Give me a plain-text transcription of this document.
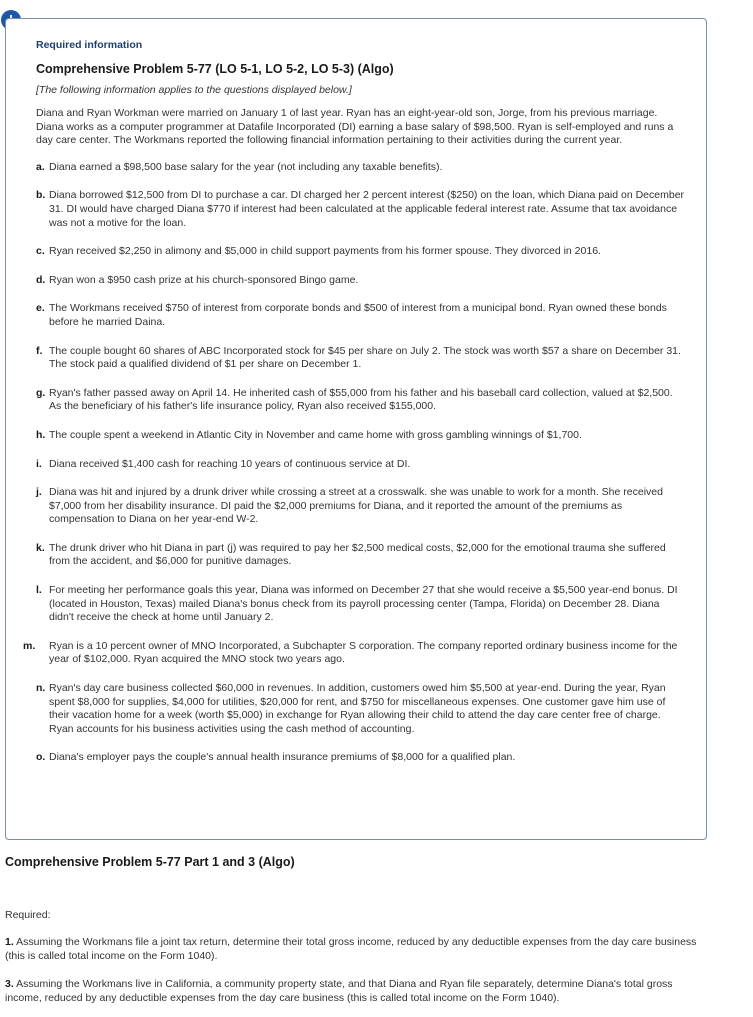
Required information

Comprehensive Problem 5-77 (LO 5-1, LO 5-2, LO 5-3) (Algo)

[The following information applies to the questions displayed below.]

Diana and Ryan Workman were married on January 1 of last year. Ryan has an eight-year-old son, Jorge, from his previous marriage. Diana works as a computer programmer at Datafile Incorporated (DI) earning a base salary of $98,500. Ryan is self-employed and runs a day care center. The Workmans reported the following financial information pertaining to their activities during the current year.

a. Diana earned a $98,500 base salary for the year (not including any taxable benefits).
b. Diana borrowed $12,500 from DI to purchase a car. DI charged her 2 percent interest ($250) on the loan, which Diana paid on December 31. DI would have charged Diana $770 if interest had been calculated at the applicable federal interest rate. Assume that tax avoidance was not a motive for the loan.
c. Ryan received $2,250 in alimony and $5,000 in child support payments from his former spouse. They divorced in 2016.
d. Ryan won a $950 cash prize at his church-sponsored Bingo game.
e. The Workmans received $750 of interest from corporate bonds and $500 of interest from a municipal bond. Ryan owned these bonds before he married Daina.
f. The couple bought 60 shares of ABC Incorporated stock for $45 per share on July 2. The stock was worth $57 a share on December 31. The stock paid a qualified dividend of $1 per share on December 1.
g. Ryan's father passed away on April 14. He inherited cash of $55,000 from his father and his baseball card collection, valued at $2,500. As the beneficiary of his father's life insurance policy, Ryan also received $155,000.
h. The couple spent a weekend in Atlantic City in November and came home with gross gambling winnings of $1,700.
i. Diana received $1,400 cash for reaching 10 years of continuous service at DI.
j. Diana was hit and injured by a drunk driver while crossing a street at a crosswalk. she was unable to work for a month. She received $7,000 from her disability insurance. DI paid the $2,000 premiums for Diana, and it reported the amount of the premiums as compensation to Diana on her year-end W-2.
k. The drunk driver who hit Diana in part (j) was required to pay her $2,500 medical costs, $2,000 for the emotional trauma she suffered from the accident, and $6,000 for punitive damages.
l. For meeting her performance goals this year, Diana was informed on December 27 that she would receive a $5,500 year-end bonus. DI (located in Houston, Texas) mailed Diana's bonus check from its payroll processing center (Tampa, Florida) on December 28. Diana didn't receive the check at home until January 2.
m. Ryan is a 10 percent owner of MNO Incorporated, a Subchapter S corporation. The company reported ordinary business income for the year of $102,000. Ryan acquired the MNO stock two years ago.
n. Ryan's day care business collected $60,000 in revenues. In addition, customers owed him $5,500 at year-end. During the year, Ryan spent $8,000 for supplies, $4,000 for utilities, $20,000 for rent, and $750 for miscellaneous expenses. One customer gave him use of their vacation home for a week (worth $5,000) in exchange for Ryan allowing their child to attend the day care center free of charge. Ryan accounts for his business activities using the cash method of accounting.
o. Diana's employer pays the couple's annual health insurance premiums of $8,000 for a qualified plan.

Comprehensive Problem 5-77 Part 1 and 3 (Algo)

Required:

1. Assuming the Workmans file a joint tax return, determine their total gross income, reduced by any deductible expenses from the day care business (this is called total income on the Form 1040).

3. Assuming the Workmans live in California, a community property state, and that Diana and Ryan file separately, determine Diana's total gross income, reduced by any deductible expenses from the day care business (this is called total income on the Form 1040).
